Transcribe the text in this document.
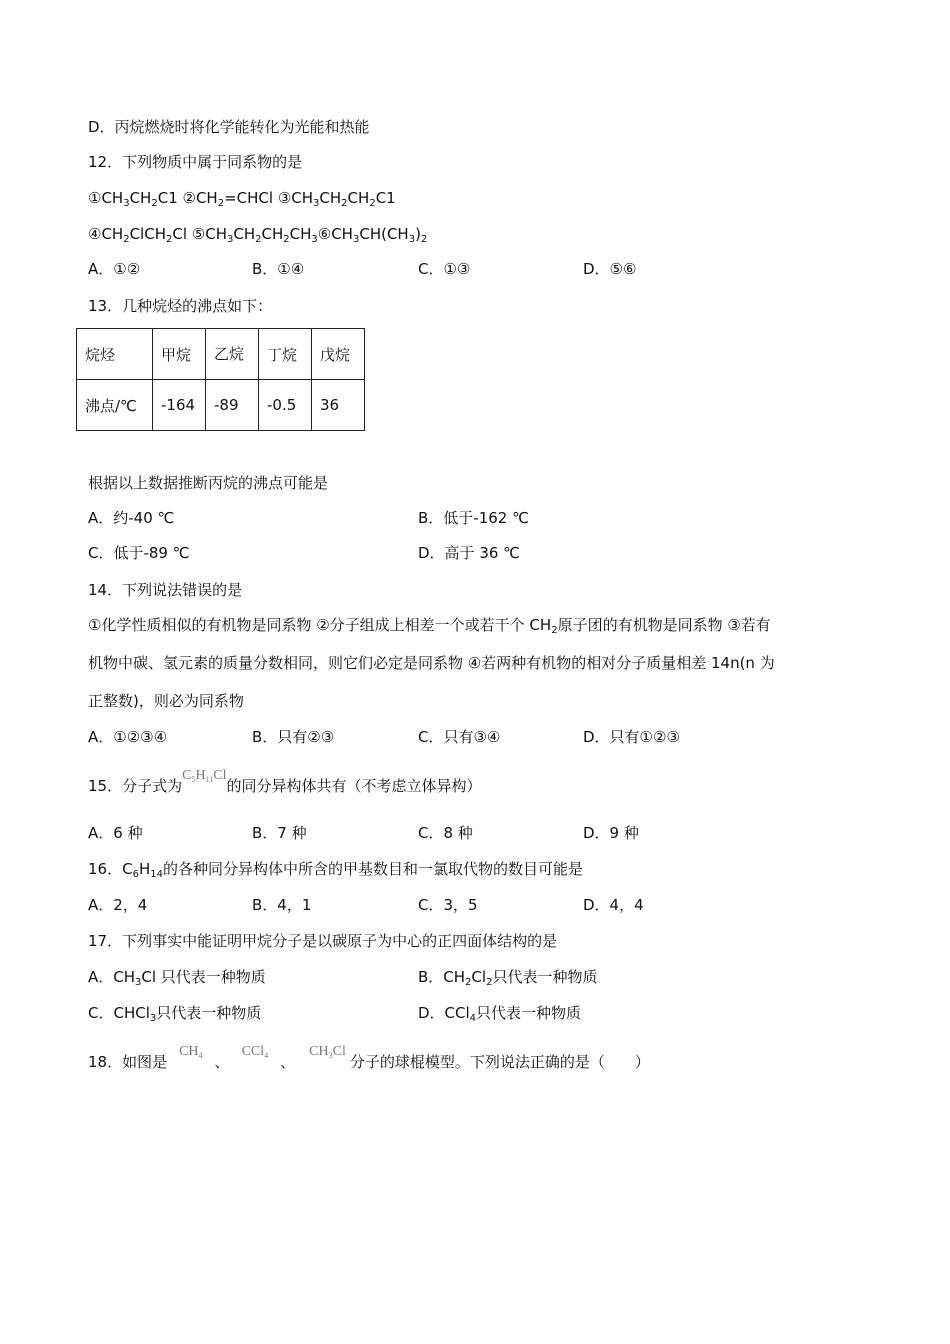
D．丙烷燃烧时将化学能转化为光能和热能
12．下列物质中属于同系物的是
$①CH_3CH_2C1$ $②CH_2=CHCl$ $③CH_3CH_2CH_2C1$
$④CH_2ClCH_2Cl$ $⑤CH_3CH_2CH_2CH_3⑥CH_3CH(CH_3)_2$
A．①②	B．①④	C．①③	D．⑤⑥
13．几种烷烃的沸点如下：
烷烃	甲烷	乙烷	丁烷	戊烷
沸点/℃	-164	-89	-0.5	36
根据以上数据推断丙烷的沸点可能是
A．约-40 ℃	B．低于-162 ℃
C．低于-89 ℃	D．高于 36 ℃
14．下列说法错误的是
①化学性质相似的有机物是同系物 ②分子组成上相差一个或若干个 $CH_2$原子团的有机物是同系物 ③若有
机物中碳、氢元素的质量分数相同，则它们必定是同系物 ④若两种有机物的相对分子质量相差 14n(n 为
正整数)，则必为同系物
A．①②③④	B．只有②③	C．只有③④	D．只有①②③
15．分子式为$C_5H_{11}Cl$的同分异构体共有（不考虑立体异构）
A．6 种	B．7 种	C．8 种	D．9 种
16．$C_6H_{14}$的各种同分异构体中所含的甲基数目和一氯取代物的数目可能是
A．2，4	B．4，1	C．3，5	D．4，4
17．下列事实中能证明甲烷分子是以碳原子为中心的正四面体结构的是
A．$CH_3Cl$ 只代表一种物质	B．$CH_2Cl_2$只代表一种物质
C．CHCl$_3$只代表一种物质	D．CCl$_4$只代表一种物质
18．如图是$CH_4$ 、CCl$_4$ 、$CH_3Cl$分子的球棍模型。下列说法正确的是（　　）
